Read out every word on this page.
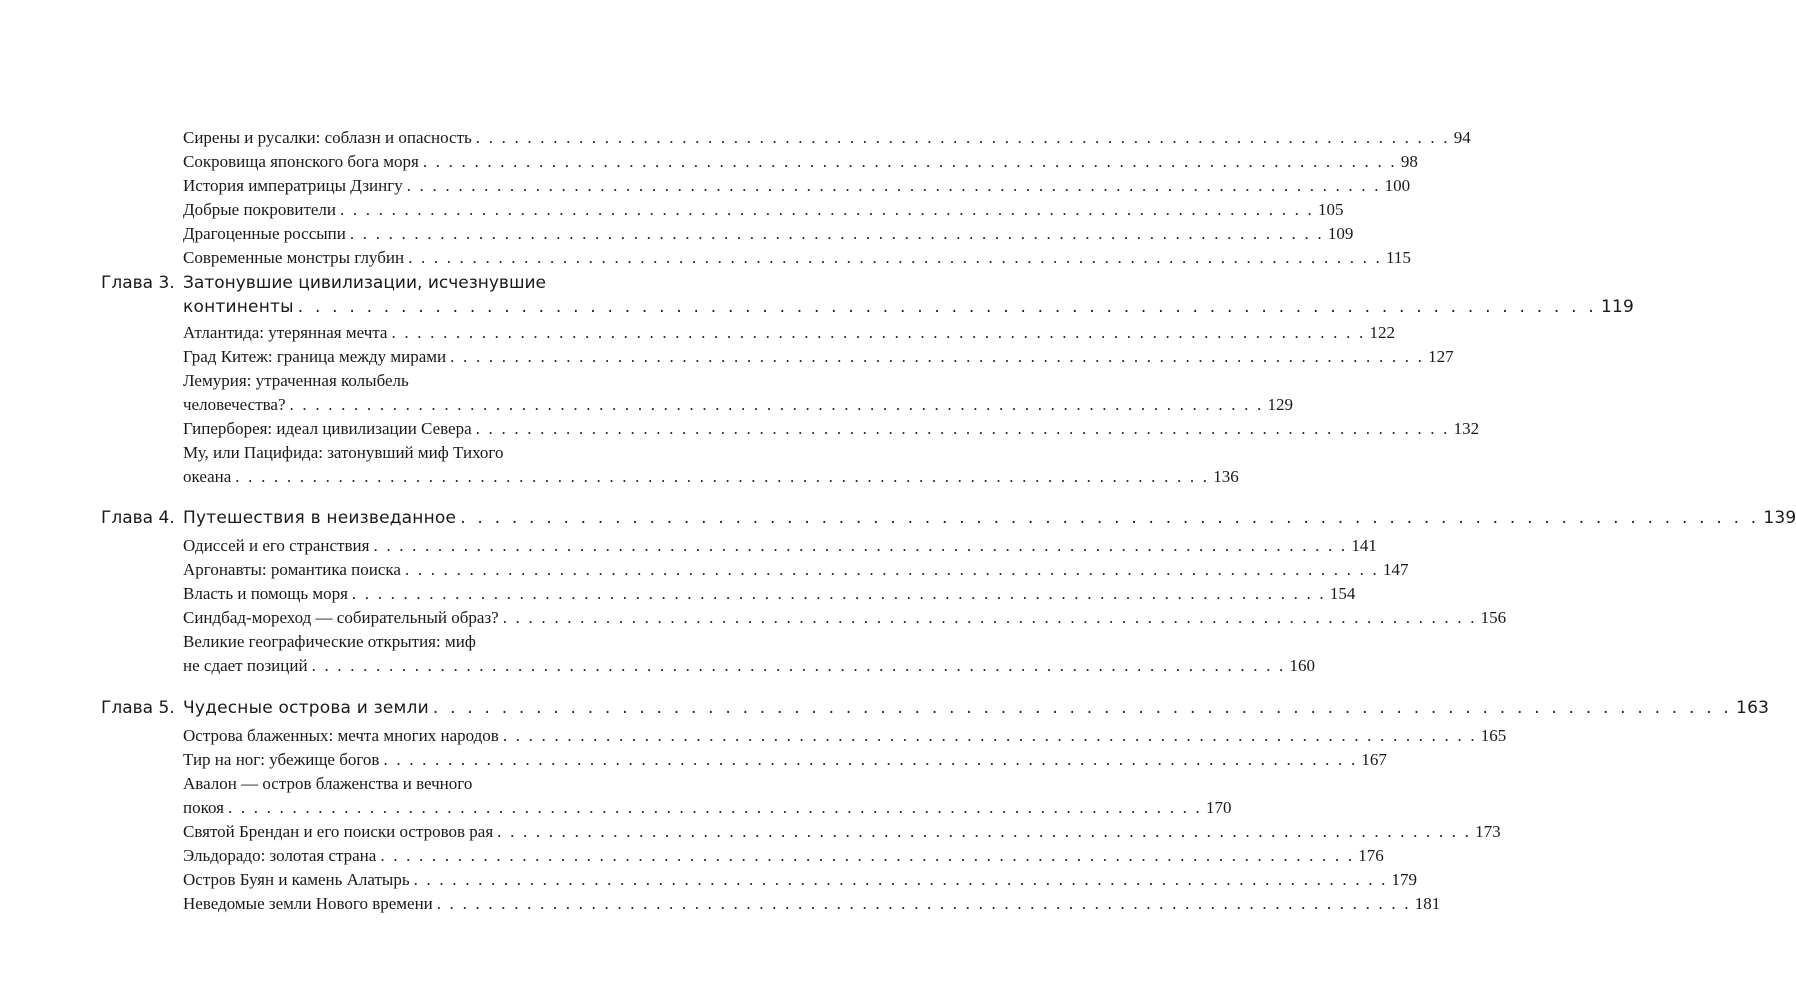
Сирены и русалки: соблазн и опасность . . . . . . . . . . . . . . . . . . . . . . . . . . . . . . . . . . . . . . . . . . . . . . . . . . . . . . . . . . . . . . . . . . . . . . . . . . . . 94
Сокровища японского бога моря . . . . . . . . . . . . . . . . . . . . . . . . . . . . . . . . . . . . . . . . . . . . . . . . . . . . . . . . . . . . . . . . . . . . . . . . . . . . 98
История императрицы Дзингу . . . . . . . . . . . . . . . . . . . . . . . . . . . . . . . . . . . . . . . . . . . . . . . . . . . . . . . . . . . . . . . . . . . . . . . . . . . . 100
Добрые покровители . . . . . . . . . . . . . . . . . . . . . . . . . . . . . . . . . . . . . . . . . . . . . . . . . . . . . . . . . . . . . . . . . . . . . . . . . . . . 105
Драгоценные россыпи . . . . . . . . . . . . . . . . . . . . . . . . . . . . . . . . . . . . . . . . . . . . . . . . . . . . . . . . . . . . . . . . . . . . . . . . . . . . 109
Современные монстры глубин . . . . . . . . . . . . . . . . . . . . . . . . . . . . . . . . . . . . . . . . . . . . . . . . . . . . . . . . . . . . . . . . . . . . . . . . . . . . 115
Глава 3. Затонувшие цивилизации, исчезнувшие
континенты . . . . . . . . . . . . . . . . . . . . . . . . . . . . . . . . . . . . . . . . . . . . . . . . . . . . . . . . . . . . . . . . . . . . . . . . . . . . 119
Атлантида: утерянная мечта . . . . . . . . . . . . . . . . . . . . . . . . . . . . . . . . . . . . . . . . . . . . . . . . . . . . . . . . . . . . . . . . . . . . . . . . . . . . 122
Град Китеж: граница между мирами . . . . . . . . . . . . . . . . . . . . . . . . . . . . . . . . . . . . . . . . . . . . . . . . . . . . . . . . . . . . . . . . . . . . . . . . . . . . 127
Лемурия: утраченная колыбель
человечества? . . . . . . . . . . . . . . . . . . . . . . . . . . . . . . . . . . . . . . . . . . . . . . . . . . . . . . . . . . . . . . . . . . . . . . . . . . . . 129
Гиперборея: идеал цивилизации Севера . . . . . . . . . . . . . . . . . . . . . . . . . . . . . . . . . . . . . . . . . . . . . . . . . . . . . . . . . . . . . . . . . . . . . . . . . . . . 132
Му, или Пацифида: затонувший миф Тихого
океана . . . . . . . . . . . . . . . . . . . . . . . . . . . . . . . . . . . . . . . . . . . . . . . . . . . . . . . . . . . . . . . . . . . . . . . . . . . . 136
Глава 4. Путешествия в неизведанное . . . . . . . . . . . . . . . . . . . . . . . . . . . . . . . . . . . . . . . . . . . . . . . . . . . . . . . . . . . . . . . . . . . . . . . . . . . . 139
Одиссей и его странствия . . . . . . . . . . . . . . . . . . . . . . . . . . . . . . . . . . . . . . . . . . . . . . . . . . . . . . . . . . . . . . . . . . . . . . . . . . . . 141
Аргонавты: романтика поиска . . . . . . . . . . . . . . . . . . . . . . . . . . . . . . . . . . . . . . . . . . . . . . . . . . . . . . . . . . . . . . . . . . . . . . . . . . . . 147
Власть и помощь моря . . . . . . . . . . . . . . . . . . . . . . . . . . . . . . . . . . . . . . . . . . . . . . . . . . . . . . . . . . . . . . . . . . . . . . . . . . . . 154
Синдбад-мореход — собирательный образ? . . . . . . . . . . . . . . . . . . . . . . . . . . . . . . . . . . . . . . . . . . . . . . . . . . . . . . . . . . . . . . . . . . . . . . . . . . . . 156
Великие географические открытия: миф
не сдает позиций . . . . . . . . . . . . . . . . . . . . . . . . . . . . . . . . . . . . . . . . . . . . . . . . . . . . . . . . . . . . . . . . . . . . . . . . . . . . 160
Глава 5. Чудесные острова и земли . . . . . . . . . . . . . . . . . . . . . . . . . . . . . . . . . . . . . . . . . . . . . . . . . . . . . . . . . . . . . . . . . . . . . . . . . . . . 163
Острова блаженных: мечта многих народов . . . . . . . . . . . . . . . . . . . . . . . . . . . . . . . . . . . . . . . . . . . . . . . . . . . . . . . . . . . . . . . . . . . . . . . . . . . . 165
Тир на ног: убежище богов . . . . . . . . . . . . . . . . . . . . . . . . . . . . . . . . . . . . . . . . . . . . . . . . . . . . . . . . . . . . . . . . . . . . . . . . . . . . 167
Авалон — остров блаженства и вечного
покоя . . . . . . . . . . . . . . . . . . . . . . . . . . . . . . . . . . . . . . . . . . . . . . . . . . . . . . . . . . . . . . . . . . . . . . . . . . . . 170
Святой Брендан и его поиски островов рая . . . . . . . . . . . . . . . . . . . . . . . . . . . . . . . . . . . . . . . . . . . . . . . . . . . . . . . . . . . . . . . . . . . . . . . . . . . . 173
Эльдорадо: золотая страна . . . . . . . . . . . . . . . . . . . . . . . . . . . . . . . . . . . . . . . . . . . . . . . . . . . . . . . . . . . . . . . . . . . . . . . . . . . . 176
Остров Буян и камень Алатырь . . . . . . . . . . . . . . . . . . . . . . . . . . . . . . . . . . . . . . . . . . . . . . . . . . . . . . . . . . . . . . . . . . . . . . . . . . . . 179
Неведомые земли Нового времени . . . . . . . . . . . . . . . . . . . . . . . . . . . . . . . . . . . . . . . . . . . . . . . . . . . . . . . . . . . . . . . . . . . . . . . . . . . . 181
